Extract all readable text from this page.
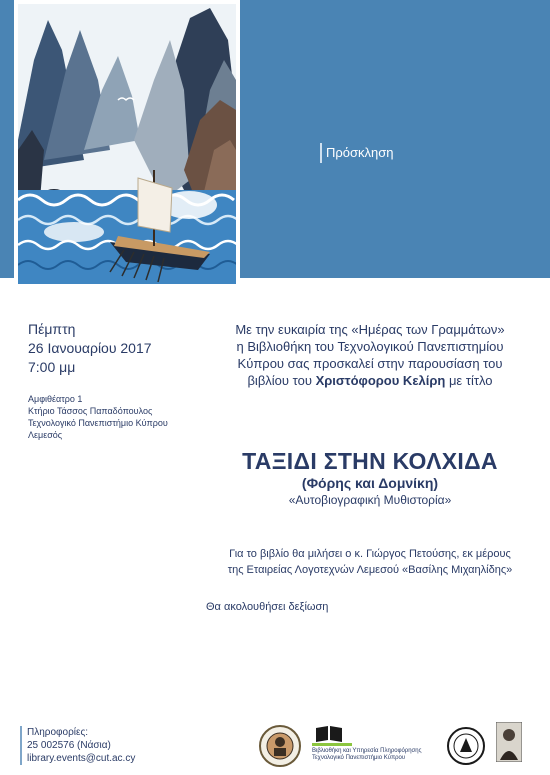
Πρόσκληση

Πέμπτη

26 Ιανουαρίου 2017

7:00 μμ

Αμφιθέατρο 1
Κτήριο Τάσσος Παπαδόπουλος
Τεχνολογικό Πανεπιστήμιο Κύπρου
Λεμεσός
Με την ευκαιρία της «Ημέρας των Γραμμάτων»
η Βιβλιοθήκη του Τεχνολογικού Πανεπιστημίου
Κύπρου σας προσκαλεί στην παρουσίαση του
βιβλίου του Χριστόφορου Κελίρη με τίτλο
ΤΑΞΙΔΙ ΣΤΗΝ ΚΟΛΧΙΔΑ
(Φόρης και Δομνίκη)
«Αυτοβιογραφική Μυθιστορία»
Για το βιβλίο θα μιλήσει ο κ. Γιώργος Πετούσης, εκ μέρους
της Εταιρείας Λογοτεχνών Λεμεσού «Βασίλης Μιχαηλίδης»
Θα ακολουθήσει δεξίωση
Πληροφορίες:
25 002576 (Νάσια)
library.events@cut.ac.cy
Βιβλιοθήκη και Υπηρεσία Πληροφόρησης
Τεχνολογικό Πανεπιστήμιο Κύπρου
